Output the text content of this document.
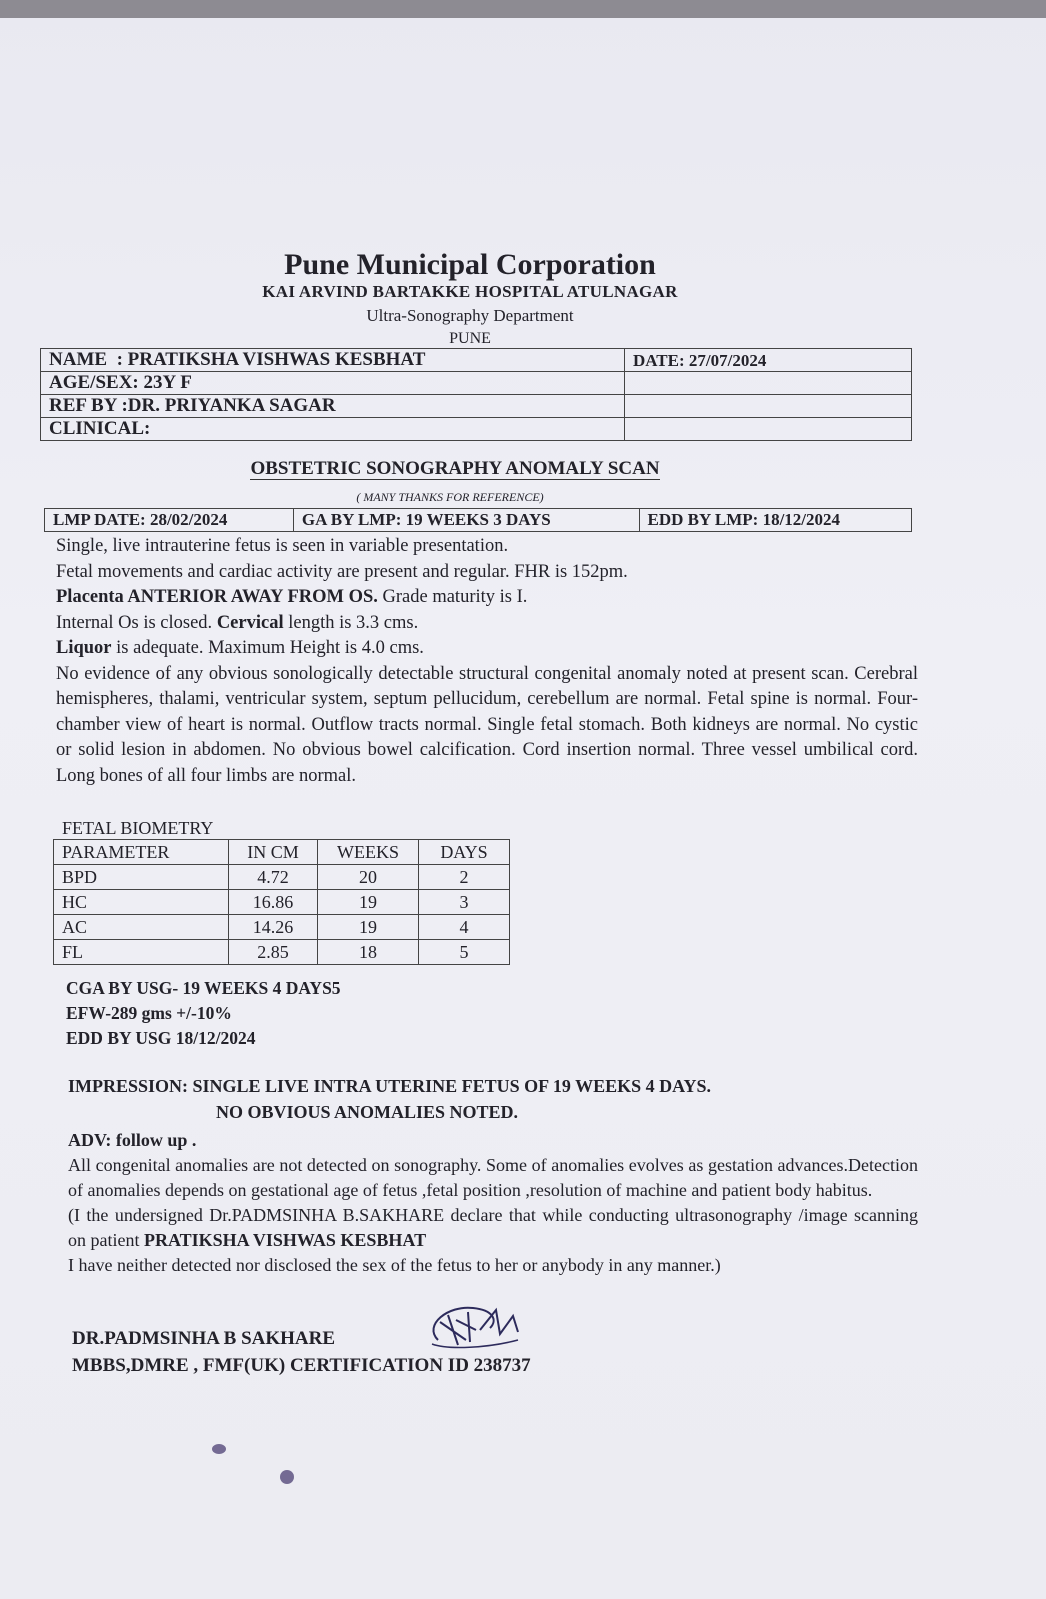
Pune Municipal Corporation
KAI ARVIND BARTAKKE HOSPITAL ATULNAGAR
Ultra-Sonography Department
PUNE
NAME : PRATIKSHA VISHWAS KESBHAT	DATE: 27/07/2024
AGE/SEX: 23Y F	
REF BY :DR. PRIYANKA SAGAR	
CLINICAL:	
OBSTETRIC SONOGRAPHY ANOMALY SCAN
( MANY THANKS FOR REFERENCE)
LMP DATE: 28/02/2024	GA BY LMP: 19 WEEKS 3 DAYS	EDD BY LMP: 18/12/2024

Single, live intrauterine fetus is seen in variable presentation.

Fetal movements and cardiac activity are present and regular. FHR is 152pm.

Placenta ANTERIOR AWAY FROM OS. Grade maturity is I.

Internal Os is closed. Cervical length is 3.3 cms.

Liquor is adequate. Maximum Height is 4.0 cms.

No evidence of any obvious sonologically detectable structural congenital anomaly noted at present scan. Cerebral hemispheres, thalami, ventricular system, septum pellucidum, cerebellum are normal. Fetal spine is normal. Four-chamber view of heart is normal. Outflow tracts normal. Single fetal stomach. Both kidneys are normal. No cystic or solid lesion in abdomen. No obvious bowel calcification. Cord insertion normal. Three vessel umbilical cord. Long bones of all four limbs are normal.

FETAL BIOMETRY
PARAMETER	IN CM	WEEKS	DAYS
BPD	4.72	20	2
HC	16.86	19	3
AC	14.26	19	4
FL	2.85	18	5
CGA BY USG- 19 WEEKS 4 DAYS5
EFW-289 gms +/-10%
EDD BY USG 18/12/2024
IMPRESSION: SINGLE LIVE INTRA UTERINE FETUS OF 19 WEEKS 4 DAYS.
NO OBVIOUS ANOMALIES NOTED.
ADV: follow up .
All congenital anomalies are not detected on sonography. Some of anomalies evolves as gestation advances.Detection of anomalies depends on gestational age of fetus ,fetal position ,resolution of machine and patient body habitus.
(I the undersigned Dr.PADMSINHA B.SAKHARE declare that while conducting ultrasonography /image scanning on patient PRATIKSHA VISHWAS KESBHAT
I have neither detected nor disclosed the sex of the fetus to her or anybody in any manner.)
DR.PADMSINHA B SAKHARE
MBBS,DMRE , FMF(UK) CERTIFICATION ID 238737
